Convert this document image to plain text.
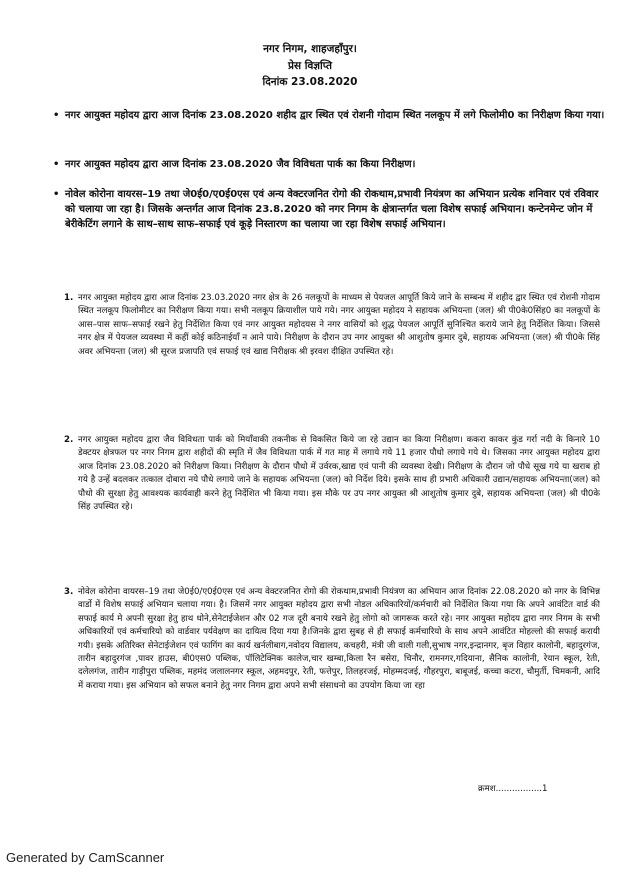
नगर निगम, शाहजहाँपुर।
प्रेस विज्ञप्ति
दिनांक 23.08.2020
• नगर आयुक्त महोदय द्वारा आज दिनांक 23.08.2020 शहीद द्वार स्थित एवं रोशनी गोदाम स्थित नलकूप में लगे फिलोमी0 का निरीक्षण किया गया।
• नगर आयुक्त महोदय द्वारा आज दिनांक 23.08.2020 जैव विविधता पार्क का किया निरीक्षण।
• नोवेल कोरोना वायरस–19 तथा जे0ई0/ए0ई0एस एवं अन्य वेक्टरजनित रोगो की रोकथाम,प्रभावी नियंत्रण का अभियान प्रत्येक शनिवार एवं रविवार को चलाया जा रहा है। जिसके अन्तर्गत आज दिनांक 23.8.2020 को नगर निगम के क्षेत्रान्तर्गत चला विशेष सफाई अभियान। कन्टेनमेन्ट जोन में बेरीकेटिंग लगाने के साथ–साथ साफ–सफाई एवं कूड़े निस्तारण का चलाया जा रहा विशेष सफाई अभियान।
1. नगर आयुक्त महोदय द्वारा आज दिनांक 23.03.2020 नगर क्षेत्र के 26 नलकूपों के माध्यम से पेयजल आपूर्ति किये जाने के सम्बन्ध में शहीद द्वार स्थित एवं रोशनी गोदाम स्थित नलकूप फिलोमीटर का निरीक्षण किया गया। सभी नलकूप क्रियाशील पाये गये। नगर आयुक्त महोदय ने सहायक अभियन्ता (जल) श्री पी0के0सिंह0 का नलकूपों के आस–पास साफ–सफाई रखने हेतु निर्देशित किया एवं नगर आयुक्त महोदयस ने नगर वासियों को शुद्ध पेयजल आपूर्ति सुनिश्चित कराये जाने हेतु निर्देशित किया। जिससे नगर क्षेत्र में पेयजल व्यवस्था में कहीं कोई कठिनाईयाँ न आने पाये। निरीक्षण के दौरान उप नगर आयुक्त श्री आशुतोष कुमार दुबे, सहायक अभियन्ता (जल) श्री पी0के सिंह अवर अभियन्ता (जल) श्री सूरज प्रजापति एवं सफाई एवं खाद्य निरीक्षक श्री इरवश दीक्षित उपस्थित रहे।
2. नगर आयुक्त महोदय द्वारा जैव विविधता पार्क को मियाँवाकी तकनीक से विकसित किये जा रहे उद्यान का किया निरीक्षण। ककरा काकर कुंड गर्रा नदी के किनारे 10 डेक्टयर क्षेत्रफल पर नगर निगम द्वारा शहीदों की स्मृति में जैव विविधता पार्क में गत माह में लगाये गये 11 हजार पौधो लगाये गये थे। जिसका नगर आयुक्त महोदय द्वारा आज दिनांक 23.08.2020 को निरीक्षण किया। निरीक्षण के दौरान पौधो में उर्वरक,खाद्य एवं पानी की व्यवस्था देखी। निरीक्षण के दौरान जो पौधे सूख गये या खराब हो गये है उन्हें बदलकर तत्काल दोबारा नये पौधे लगाये जाने के सहायक अभियन्ता (जल) को निर्देश दिये। इसके साथ ही प्रभारी अधिकारी उद्यान/सहायक अभियन्ता(जल) को पौधो की सुरक्षा हेतु आवश्यक कार्यवाही करने हेतु निर्देशित भी किया गया। इस मौके पर उप नगर आयुक्त श्री आशुतोष कुमार दुबे, सहायक अभियन्ता (जल) श्री पी0के सिंह उपस्थित रहे।
3. नोवेल कोरोना वायरस–19 तथा जे0ई0/ए0ई0एस एवं अन्य वेक्टरजनित रोगो की रोकथाम,प्रभावी नियंत्रण का अभियान आज दिनांक 22.08.2020 को नगर के विभिन्न वार्डो में विशेष सफाई अभियान चलाया गया। है। जिसमें नगर आयुक्त महोदय द्वारा सभी नोडल अधिकारियों/कर्मचारी को निर्देशित किया गया कि अपने आवंटित वार्ड की सफाई कार्य मे अपनी सुरक्षा हेतु हाथ धोने,सेनेटाईजेशन और 02 गज दूरी बनाये रखने हेतु लोगो को जागरूक करते रहे। नगर आयुक्त महोदय द्वारा नगर निगम के सभी अधिकारियों एवं कर्मचारियो को वार्डवार पर्यवेक्षण का दायित्व दिया गया है।जिनके द्वारा सुबह से ही सफाई कर्मचारियो के साथ अपने आवंटित मोहल्लो की सफाई करायी गयी। इसके अतिरिक्त सेनेटाईजेशन एवं फागिंग का कार्य खर्नलीबाग,नवोदय विद्यालय, कचहरी, मंत्री जी वाली गली,सुभाष नगर,इन्द्रानगर, बृज विहार कालोनी, बहादुरगंज, तारीन बहादुरगंज ,पावर हाउस, बी0एस0 पब्लिक, पॉलिटेक्निक कालेज,चार खम्बा,किला रैन बसेरा, चिनौर, रामनगर,गदियाना, सैनिक कालोनी, रेयान स्कूल, रेती, दलेलगंज, तारीन गाड़ीपुरा पब्लिक, महमंद जलालनगर स्कूल, अहमदपुर, रेती, फत्तेपुर, तिलहरजई, मोहम्मदजई, गौहरपुरा, बाबूजई, कच्चा कटरा, चौमुर्ती, चिमकनी, आदि में कराया गया। इस अभियान को सफल बनाने हेतु नगर निगम द्वारा अपने सभी संसाधनो का उपयोग किया जा रहा
क्रमश.................1
Generated by CamScanner
